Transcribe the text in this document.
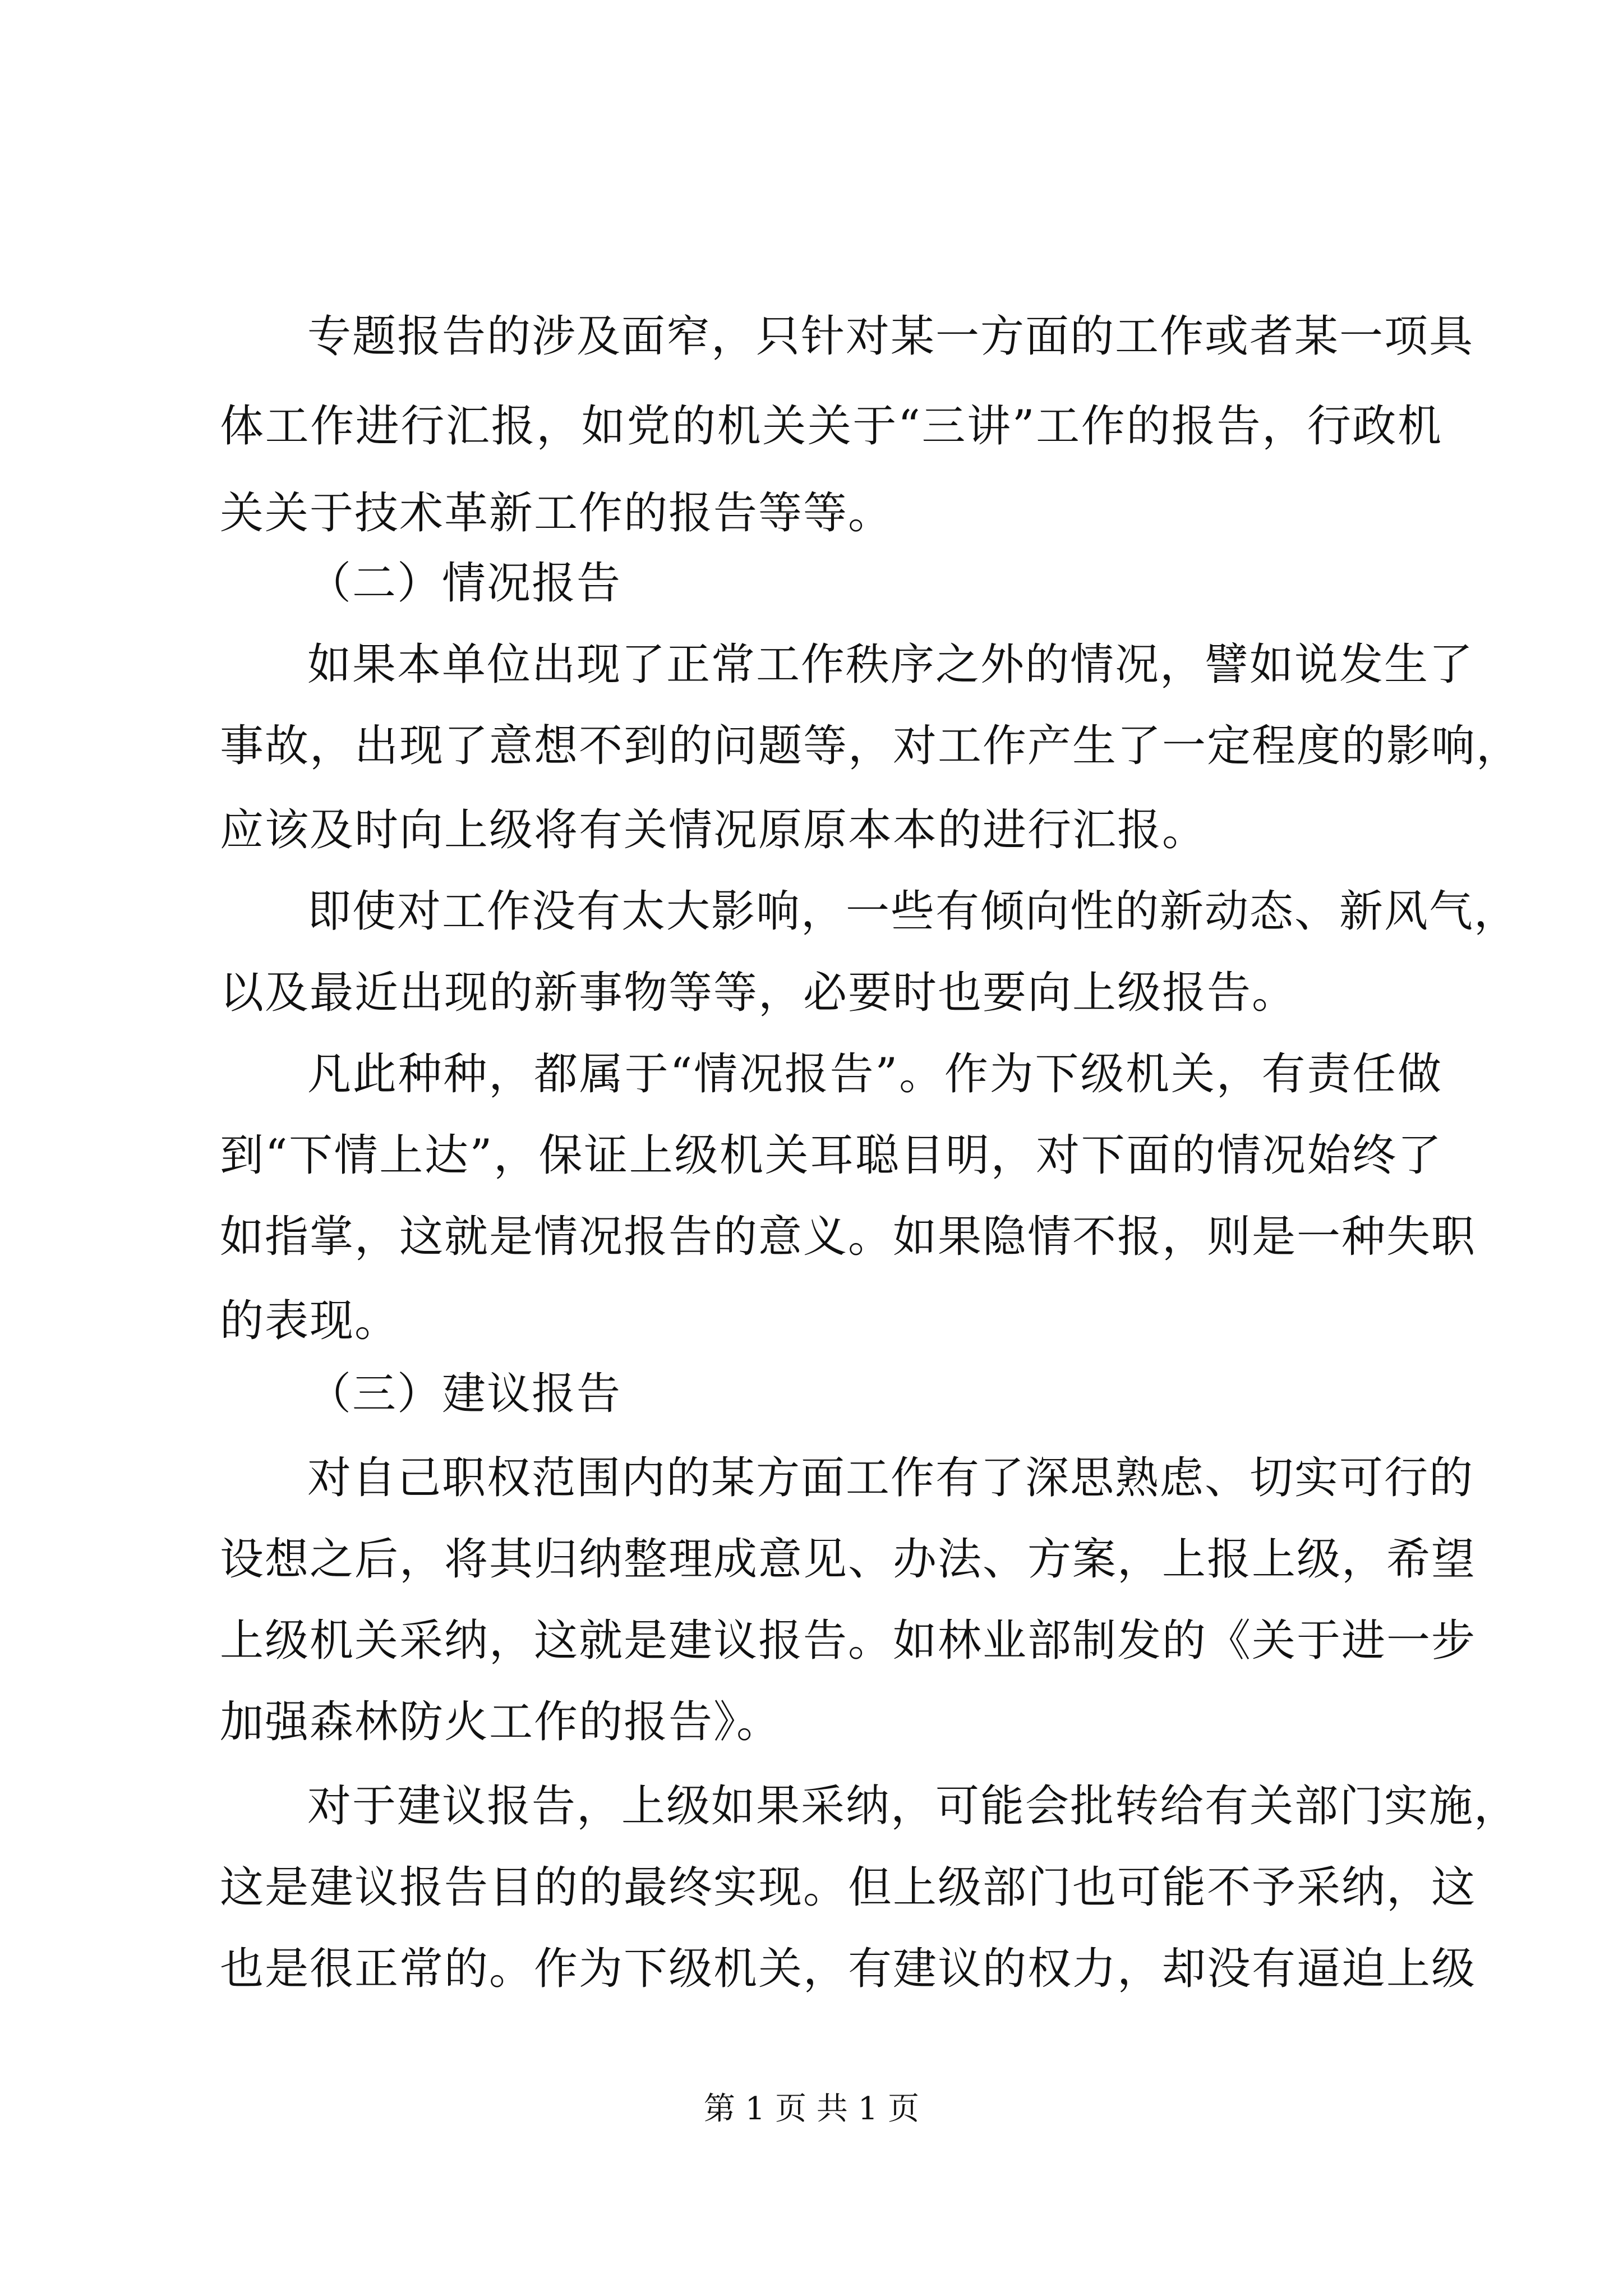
专题报告的涉及面窄，只针对某一方面的工作或者某一项具
体工作进行汇报，如党的机关关于“三讲”工作的报告，行政机
关关于技术革新工作的报告等等。
（二）情况报告
如果本单位出现了正常工作秩序之外的情况，譬如说发生了
事故，出现了意想不到的问题等，对工作产生了一定程度的影响，
应该及时向上级将有关情况原原本本的进行汇报。
即使对工作没有太大影响，一些有倾向性的新动态、新风气，
以及最近出现的新事物等等，必要时也要向上级报告。
凡此种种，都属于“情况报告”。作为下级机关，有责任做
到“下情上达”，保证上级机关耳聪目明，对下面的情况始终了
如指掌，这就是情况报告的意义。如果隐情不报，则是一种失职
的表现。
（三）建议报告
对自己职权范围内的某方面工作有了深思熟虑、切实可行的
设想之后，将其归纳整理成意见、办法、方案，上报上级，希望
上级机关采纳，这就是建议报告。如林业部制发的《关于进一步
加强森林防火工作的报告》。
对于建议报告，上级如果采纳，可能会批转给有关部门实施，
这是建议报告目的的最终实现。但上级部门也可能不予采纳，这
也是很正常的。作为下级机关，有建议的权力，却没有逼迫上级
第 1 页 共 1 页
